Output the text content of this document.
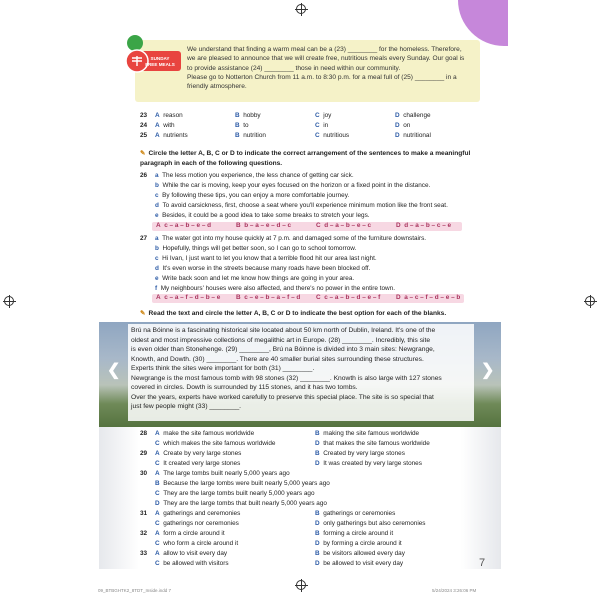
SUNDAY
FREE MEALS
We understand that finding a warm meal can be a (23) ________ for the homeless. Therefore,
we are pleased to announce that we will create free, nutritious meals every Sunday. Our goal is
to provide assistance (24) ________ those in need within our community.
Please go to Notterton Church from 11 a.m. to 8:30 p.m. for a meal full of (25) ________ in a
friendly atmosphere.
23 A reason	B hobby	C joy	D challenge
24 A with	B to	C in	D on
25 A nutrients	B nutrition	C nutritious	D nutritional
✎ Circle the letter A, B, C or D to indicate the correct arrangement of the sentences to make a meaningful
paragraph in each of the following questions.
26 a The less motion you experience, the less chance of getting car sick.
b While the car is moving, keep your eyes focused on the horizon or a fixed point in the distance.
c By following these tips, you can enjoy a more comfortable journey.
d To avoid carsickness, first, choose a seat where you'll experience minimum motion like the front seat.
e Besides, it could be a good idea to take some breaks to stretch your legs.
A c – a – b – e – d	B b – a – e – d – c	C d – a – b – e – c	D d – a – b – c – e
27 a The water got into my house quickly at 7 p.m. and damaged some of the furniture downstairs.
b Hopefully, things will get better soon, so I can go to school tomorrow.
c Hi Ivan, I just want to let you know that a terrible flood hit our area last night.
d It's even worse in the streets because many roads have been blocked off.
e Write back soon and let me know how things are going in your area.
f My neighbours' houses were also affected, and there's no power in the entire town.
A c – a – f – d – b – e B c – e – b – a – f – d C c – a – b – d – e – f D a – c – f – d – e – b
✎ Read the text and circle the letter A, B, C or D to indicate the best option for each of the blanks.
❮	❯
Brú na Bóinne is a fascinating historical site located about 50 km north of Dublin, Ireland. It's one of the
oldest and most impressive collections of megalithic art in Europe. (28) ________. Incredibly, this site
is even older than Stonehenge. (29) ________, Brú na Bóinne is divided into 3 main sites: Newgrange,
Knowth, and Dowth. (30) ________. There are 40 smaller burial sites surrounding these structures.
Experts think the sites were important for both (31) ________.
Newgrange is the most famous tomb with 98 stones (32) ________. Knowth is also large with 127 stones
covered in circles. Dowth is surrounded by 115 stones, and it has two tombs.
Over the years, experts have worked carefully to preserve this special place. The site is so special that
just few people might (33) ________.
28 A make the site famous worldwide	B making the site famous worldwide
C which makes the site famous worldwide	D that makes the site famous worldwide
29 A Create by very large stones	B Created by very large stones
C It created very large stones	D It was created by very large stones
30 A The large tombs built nearly 5,000 years ago
B Because the large tombs were built nearly 5,000 years ago
C They are the large tombs built nearly 5,000 years ago
D They are the large tombs that built nearly 5,000 years ago
31 A gatherings and ceremonies	B gatherings or ceremonies
C gatherings nor ceremonies	D only gatherings but also ceremonies
32 A form a circle around it	B forming a circle around it
C who form a circle around it	D by forming a circle around it
33 A allow to visit every day	B be visitors allowed every day
C be allowed with visitors	D be allowed to visit every day	7
09_BTBGHTK2_8TDT_Inside.indd 7	5/24/2024 3:26:06 PM
